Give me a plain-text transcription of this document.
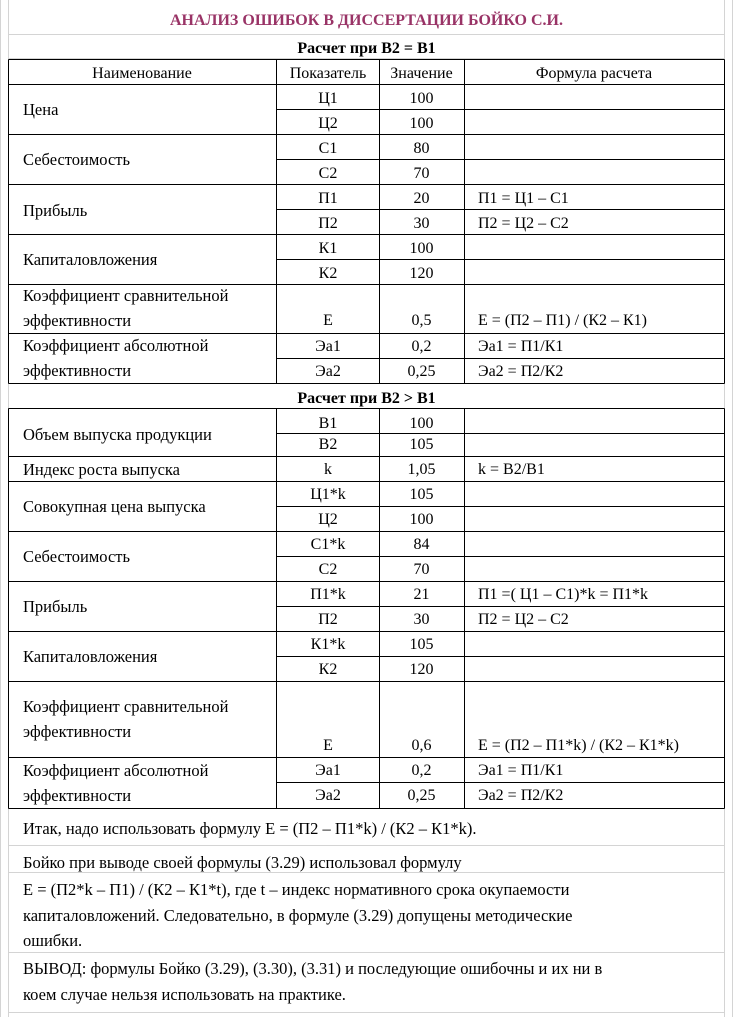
АНАЛИЗ ОШИБОК В ДИССЕРТАЦИИ БОЙКО С.И.
Расчет при В2 = В1
Наименование	Показатель	Значение	Формула расчета
Цена
Ц1	100
Ц2	100
Себестоимость
С1	80
С2	70
Прибыль
П1	20	П1 = Ц1 – С1
П2	30	П2 = Ц2 – С2
Капиталовложения
К1	100
К2	120
Коэффициент сравнительной
эффективности	Е	0,5	Е = (П2 – П1) / (К2 – К1)
Коэффициент абсолютной
эффективности
Эа1	0,2	Эа1 = П1/К1
Эа2	0,25	Эа2 = П2/К2
Расчет при В2 > В1
Объем выпуска продукции
В1	100
В2	105
Индекс роста выпуска	k	1,05	k = В2/В1
Совокупная цена выпуска
Ц1*k	105
Ц2	100
Себестоимость
С1*k	84
С2	70
Прибыль
П1*k	21	П1 =( Ц1 – С1)*k = П1*k
П2	30	П2 = Ц2 – С2
Капиталовложения
К1*k	105
К2	120
Коэффициент сравнительной
эффективности
Е	0,6	Е = (П2 – П1*k) / (К2 – К1*k)
Коэффициент абсолютной
эффективности
Эа1	0,2	Эа1 = П1/К1
Эа2	0,25	Эа2 = П2/К2
Итак, надо использовать формулу Е = (П2 – П1*k) / (К2 – К1*k).
Бойко при выводе своей формулы (3.29) использовал формулу
Е = (П2*k – П1) / (К2 – К1*t), где t – индекс нормативного срока окупаемости
капиталовложений. Следовательно, в формуле (3.29) допущены методические
ошибки.
ВЫВОД: формулы Бойко (3.29), (3.30), (3.31) и последующие ошибочны и их ни в
коем случае нельзя использовать на практике.
